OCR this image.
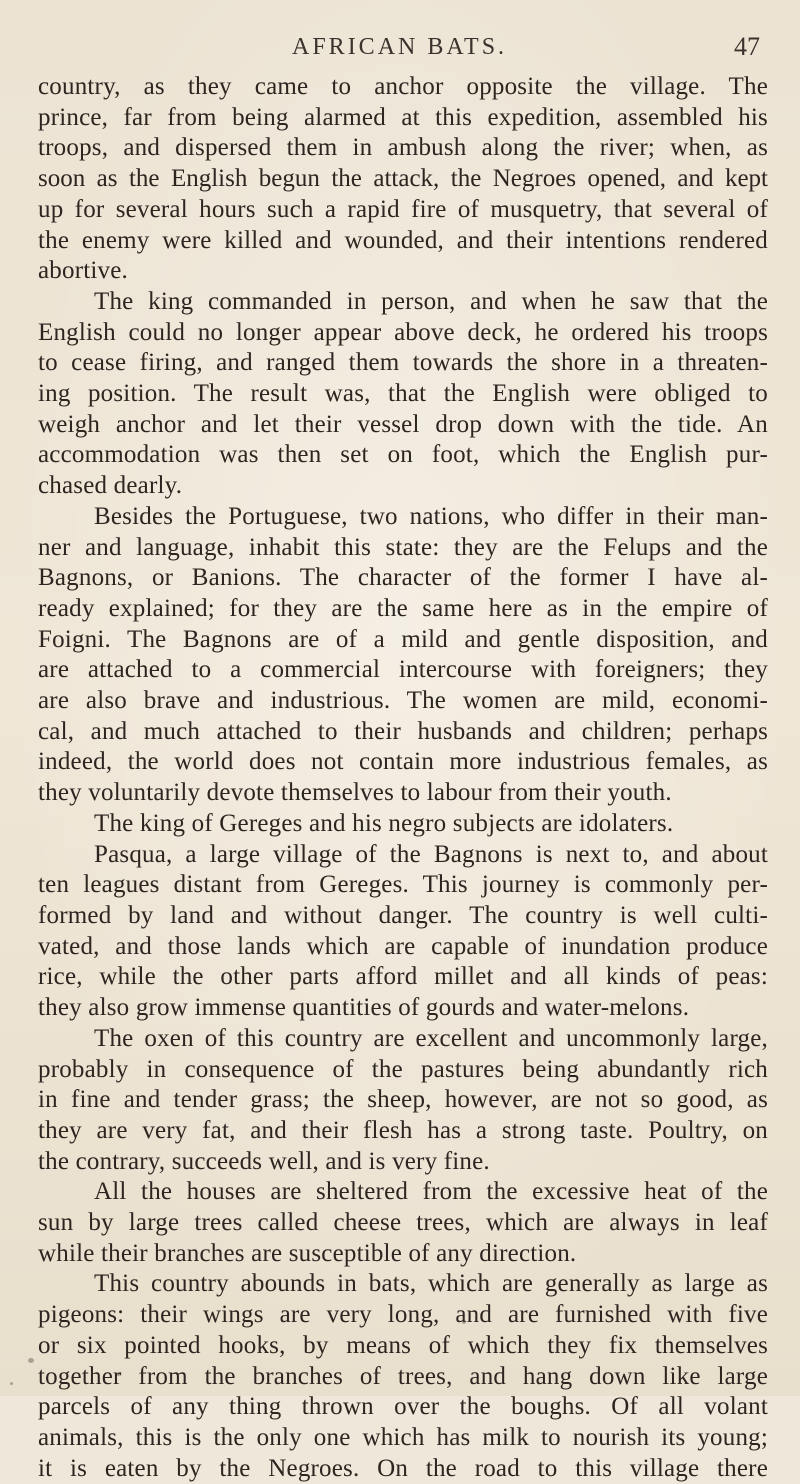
AFRICAN BATS.	47

country, as they came to anchor opposite the village. The

prince, far from being alarmed at this expedition, assembled his

troops, and dispersed them in ambush along the river; when, as

soon as the English begun the attack, the Negroes opened, and kept

up for several hours such a rapid fire of musquetry, that several of

the enemy were killed and wounded, and their intentions rendered

abortive.

The king commanded in person, and when he saw that the

English could no longer appear above deck, he ordered his troops

to cease firing, and ranged them towards the shore in a threaten-

ing position. The result was, that the English were obliged to

weigh anchor and let their vessel drop down with the tide. An

accommodation was then set on foot, which the English pur-

chased dearly.

Besides the Portuguese, two nations, who differ in their man-

ner and language, inhabit this state: they are the Felups and the

Bagnons, or Banions. The character of the former I have al-

ready explained; for they are the same here as in the empire of

Foigni. The Bagnons are of a mild and gentle disposition, and

are attached to a commercial intercourse with foreigners; they

are also brave and industrious. The women are mild, economi-

cal, and much attached to their husbands and children; perhaps

indeed, the world does not contain more industrious females, as

they voluntarily devote themselves to labour from their youth.

The king of Gereges and his negro subjects are idolaters.

Pasqua, a large village of the Bagnons is next to, and about

ten leagues distant from Gereges. This journey is commonly per-

formed by land and without danger. The country is well culti-

vated, and those lands which are capable of inundation produce

rice, while the other parts afford millet and all kinds of peas:

they also grow immense quantities of gourds and water-melons.

The oxen of this country are excellent and uncommonly large,

probably in consequence of the pastures being abundantly rich

in fine and tender grass; the sheep, however, are not so good, as

they are very fat, and their flesh has a strong taste. Poultry, on

the contrary, succeeds well, and is very fine.

All the houses are sheltered from the excessive heat of the

sun by large trees called cheese trees, which are always in leaf

while their branches are susceptible of any direction.

This country abounds in bats, which are generally as large as

pigeons: their wings are very long, and are furnished with five

or six pointed hooks, by means of which they fix themselves

together from the branches of trees, and hang down like large

parcels of any thing thrown over the boughs. Of all volant

animals, this is the only one which has milk to nourish its young;

it is eaten by the Negroes. On the road to this village there
